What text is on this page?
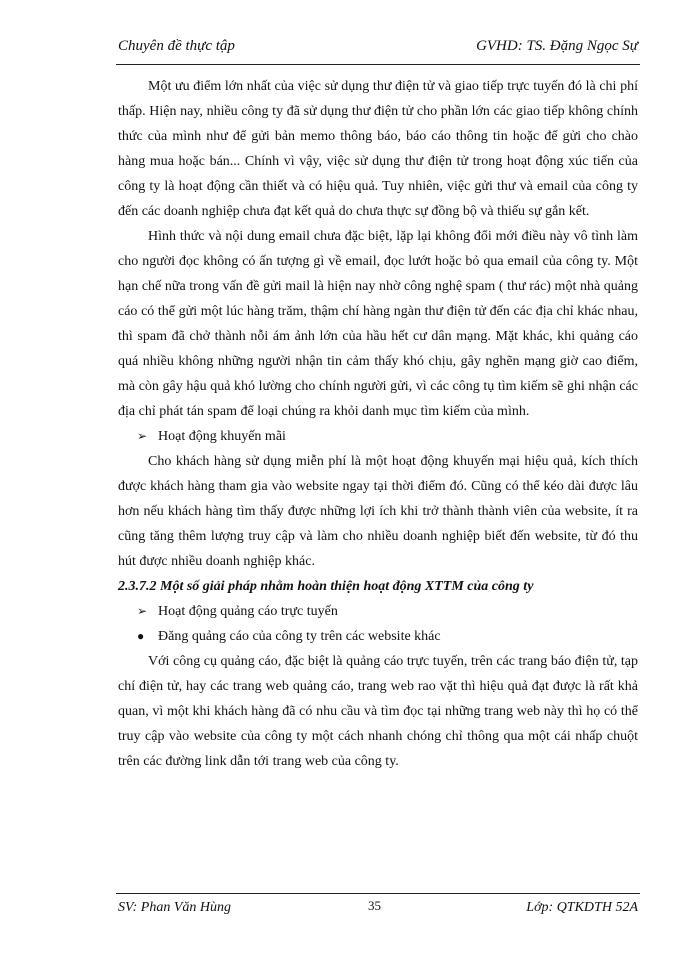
Chuyên đề thực tập	GVHD: TS. Đặng Ngọc Sự

Một ưu điểm lớn nhất của việc sử dụng thư điện tử và giao tiếp trực tuyến đó là chi phí thấp. Hiện nay, nhiều công ty đã sử dụng thư điện tử cho phần lớn các giao tiếp không chính thức của mình như để gửi bản memo thông báo, báo cáo thông tin hoặc để gửi cho chào hàng mua hoặc bán... Chính vì vậy, việc sử dụng thư điện tử trong hoạt động xúc tiến của công ty là hoạt động cần thiết và có hiệu quả. Tuy nhiên, việc gửi thư và email của công ty đến các doanh nghiệp chưa đạt kết quả do chưa thực sự đồng bộ và thiếu sự gắn kết.

Hình thức và nội dung email chưa đặc biệt, lặp lại không đổi mới điều này vô tình làm cho người đọc không có ấn tượng gì về email, đọc lướt hoặc bỏ qua email của công ty. Một hạn chế nữa trong vấn đề gửi mail là hiện nay nhờ công nghệ spam ( thư rác) một nhà quảng cáo có thể gửi một lúc hàng trăm, thậm chí hàng ngàn thư điện tử đến các địa chỉ khác nhau, thì spam đã chở thành nỗi ám ảnh lớn của hầu hết cư dân mạng. Mặt khác, khi quảng cáo quá nhiều không những người nhận tin cảm thấy khó chịu, gây nghẽn mạng giờ cao điểm, mà còn gây hậu quả khó lường cho chính người gửi, vì các công tụ tìm kiếm sẽ ghi nhận các địa chỉ phát tán spam để loại chúng ra khỏi danh mục tìm kiếm của mình.

➢ Hoạt động khuyến mãi

Cho khách hàng sử dụng miễn phí là một hoạt động khuyến mại hiệu quả, kích thích được khách hàng tham gia vào website ngay tại thời điểm đó. Cũng có thể kéo dài được lâu hơn nếu khách hàng tìm thấy được những lợi ích khi trở thành thành viên của website, ít ra cũng tăng thêm lượng truy cập và làm cho nhiều doanh nghiệp biết đến website, từ đó thu hút được nhiều doanh nghiệp khác.

2.3.7.2 Một số giải pháp nhằm hoàn thiện hoạt động XTTM của công ty
➢ Hoạt động quảng cáo trực tuyến
● Đăng quảng cáo của công ty trên các website khác

Với công cụ quảng cáo, đặc biệt là quảng cáo trực tuyến, trên các trang báo điện tử, tạp chí điện tử, hay các trang web quảng cáo, trang web rao vặt thì hiệu quả đạt được là rất khả quan, vì một khi khách hàng đã có nhu cầu và tìm đọc tại những trang web này thì họ có thể truy cập vào website của công ty một cách nhanh chóng chỉ thông qua một cái nhấp chuột trên các đường link dẫn tới trang web của công ty.

SV: Phan Văn Hùng	35	Lớp: QTKDTH 52A
